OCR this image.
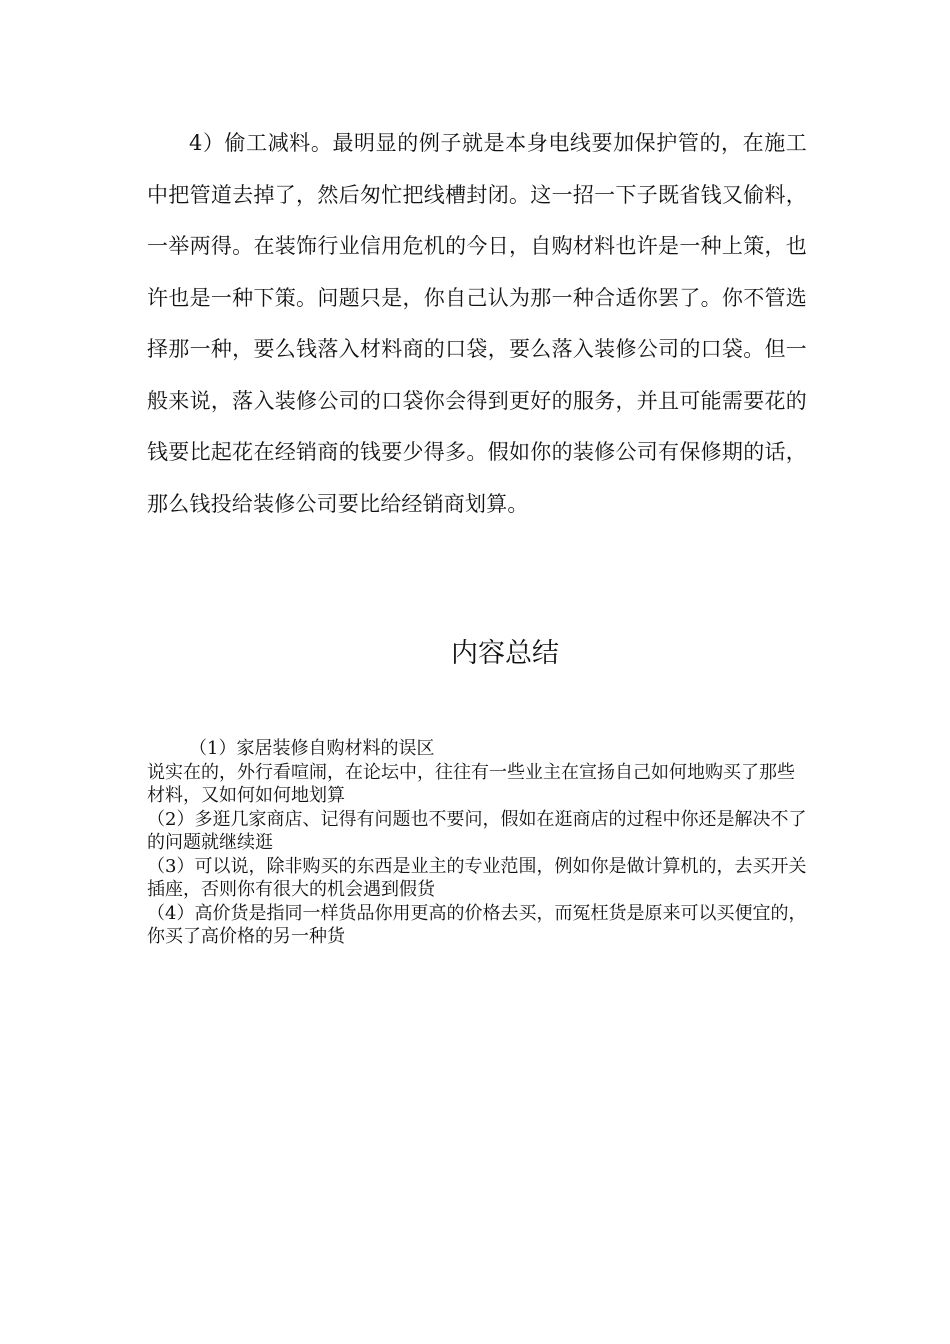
4）偷工减料。最明显的例子就是本身电线要加保护管的，在施工中把管道去掉了，然后匆忙把线槽封闭。这一招一下子既省钱又偷料，一举两得。在装饰行业信用危机的今日，自购材料也许是一种上策，也许也是一种下策。问题只是，你自己认为那一种合适你罢了。你不管选择那一种，要么钱落入材料商的口袋，要么落入装修公司的口袋。但一般来说，落入装修公司的口袋你会得到更好的服务，并且可能需要花的钱要比起花在经销商的钱要少得多。假如你的装修公司有保修期的话，那么钱投给装修公司要比给经销商划算。

内容总结
（1）家居装修自购材料的误区
说实在的，外行看喧闹，在论坛中，往往有一些业主在宣扬自己如何地购买了那些材料，又如何如何地划算
（2）多逛几家商店、记得有问题也不要问，假如在逛商店的过程中你还是解决不了的问题就继续逛
（3）可以说，除非购买的东西是业主的专业范围，例如你是做计算机的，去买开关插座，否则你有很大的机会遇到假货
（4）高价货是指同一样货品你用更高的价格去买，而冤枉货是原来可以买便宜的，你买了高价格的另一种货
